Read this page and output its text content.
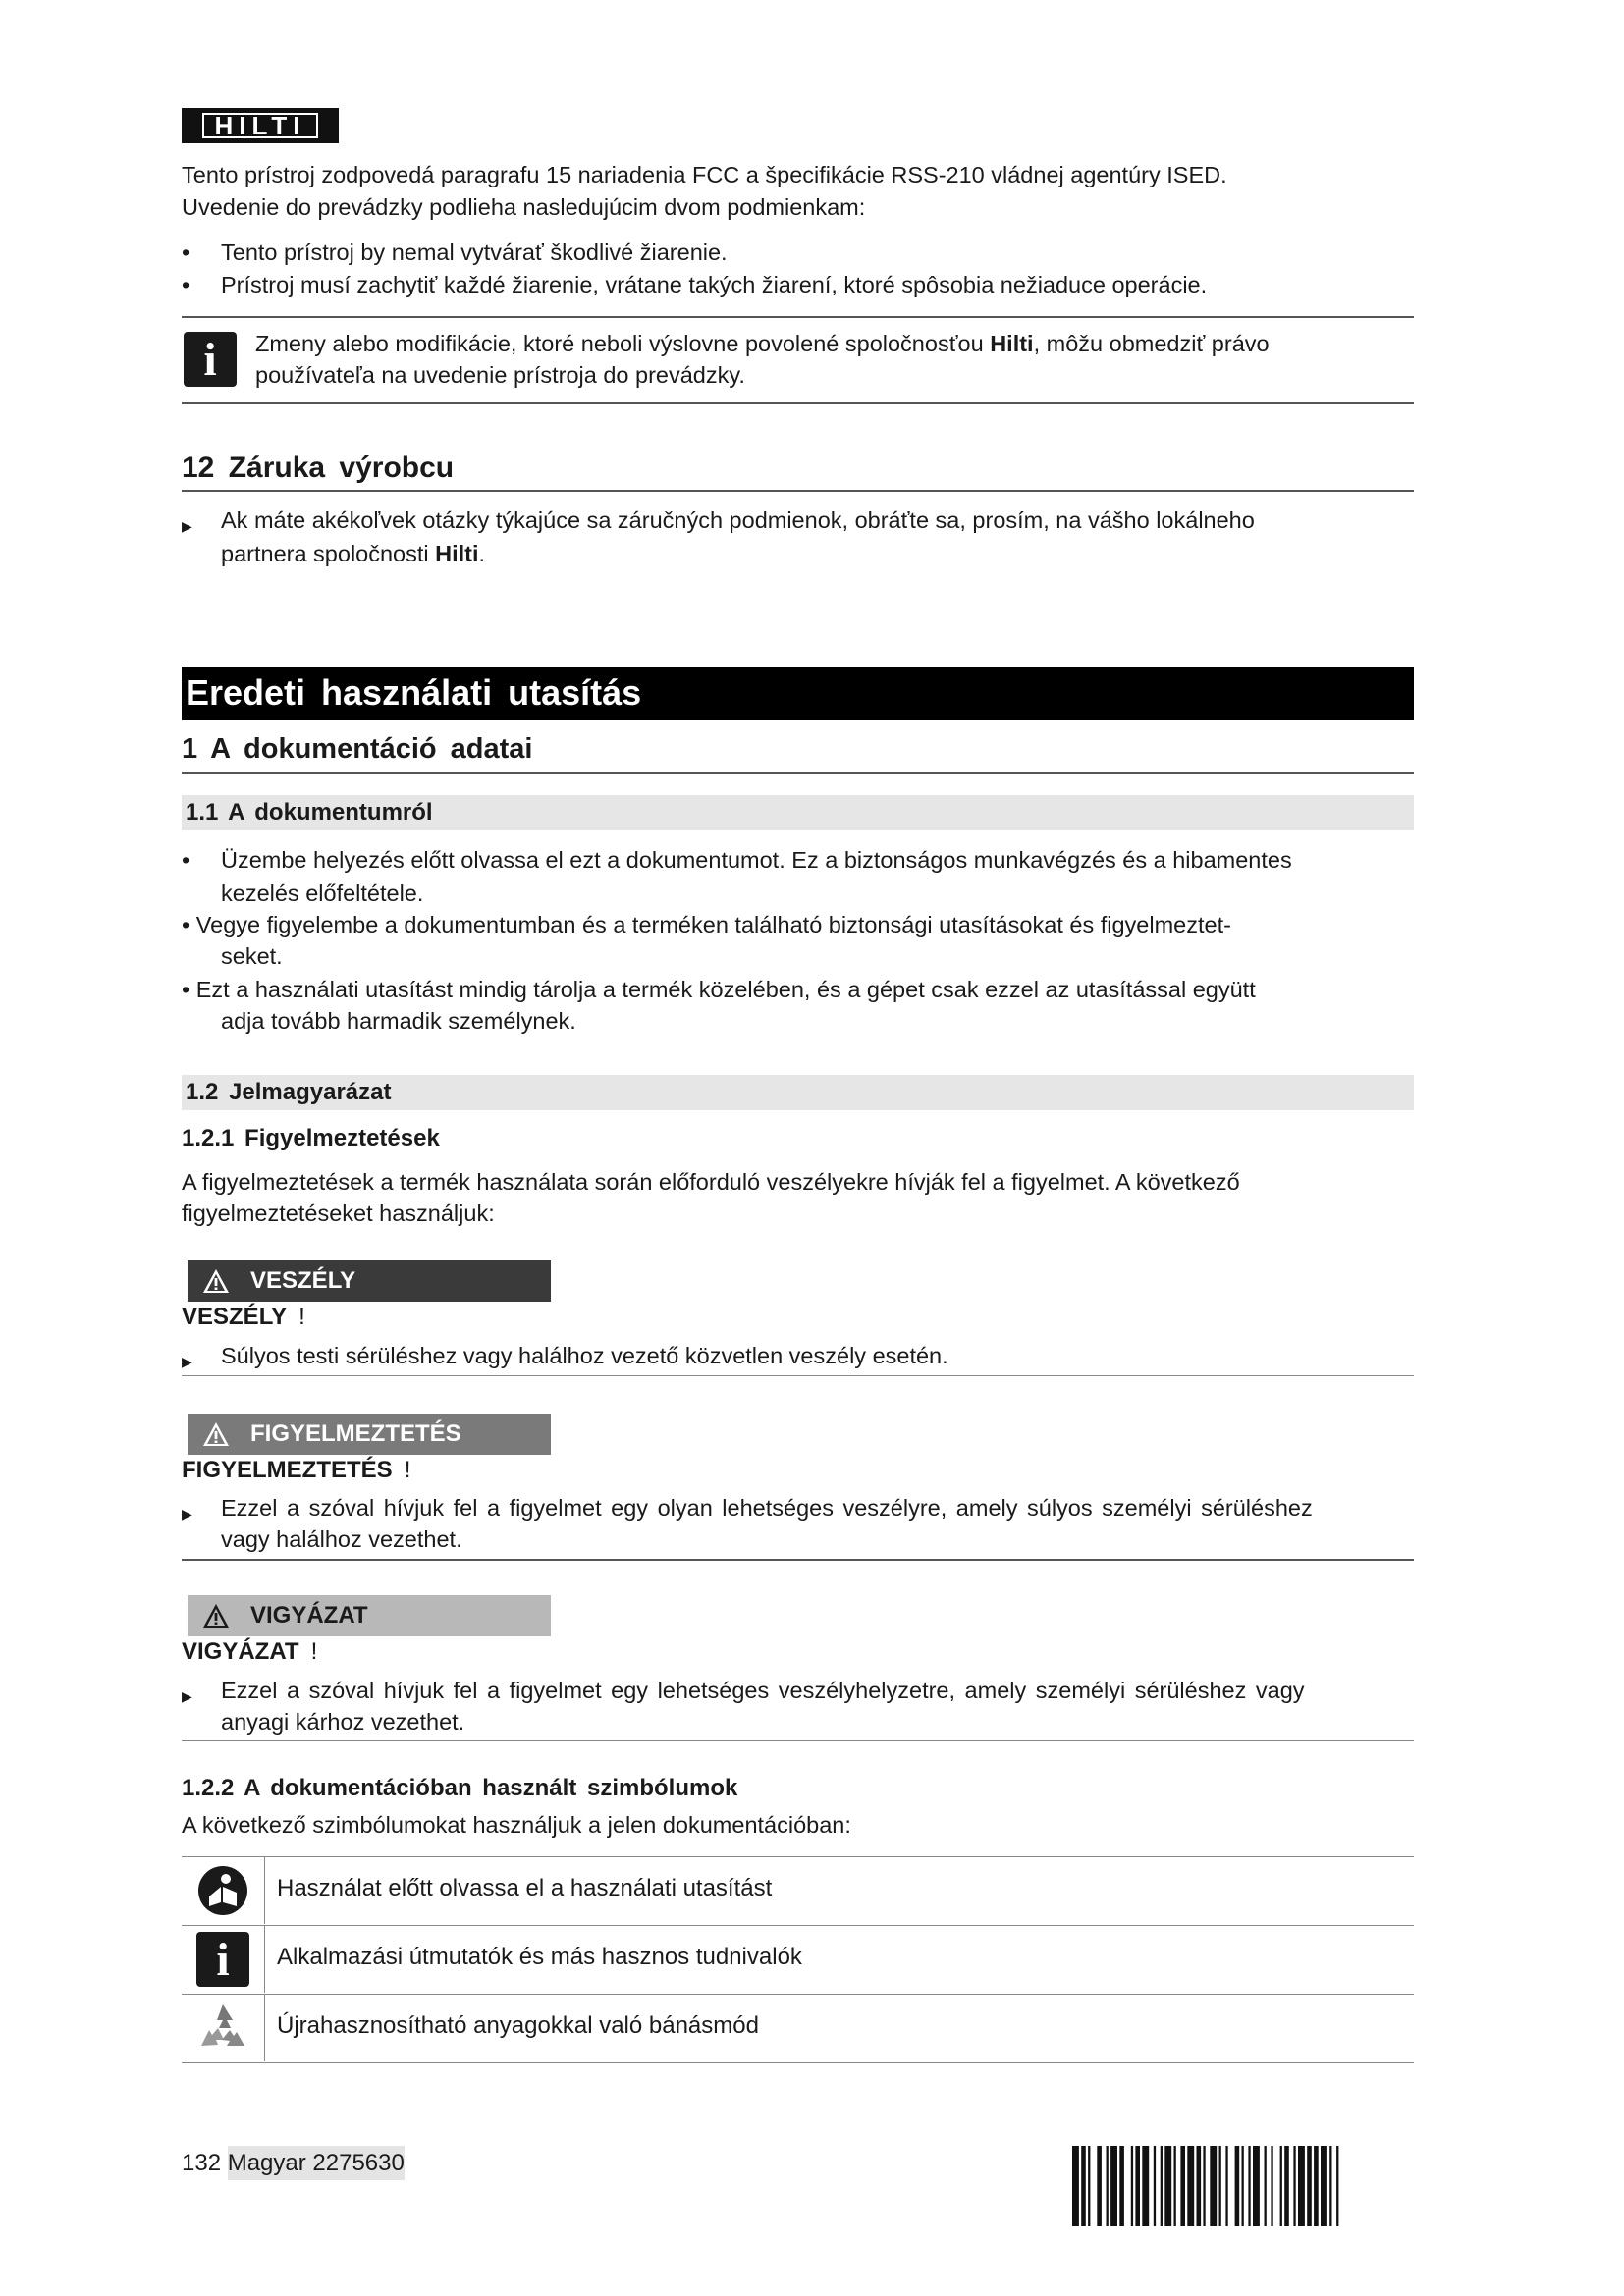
HILTI
Tento prístroj zodpovedá paragrafu 15 nariadenia FCC a špecifikácie RSS-210 vládnej agentúry ISED.
Uvedenie do prevádzky podlieha nasledujúcim dvom podmienkam:
• Tento prístroj by nemal vytvárať škodlivé žiarenie.
• Prístroj musí zachytiť každé žiarenie, vrátane takých žiarení, ktoré spôsobia nežiaduce operácie.
i	Zmeny alebo modifikácie, ktoré neboli výslovne povolené spoločnosťou Hilti, môžu obmedziť právo
používateľa na uvedenie prístroja do prevádzky.
12 Záruka výrobcu
▶ Ak máte akékoľvek otázky týkajúce sa záručných podmienok, obráťte sa, prosím, na vášho lokálneho
partnera spoločnosti Hilti.
Eredeti használati utasítás
1 A dokumentáció adatai
1.1 A dokumentumról
• Üzembe helyezés előtt olvassa el ezt a dokumentumot. Ez a biztonságos munkavégzés és a hibamentes
kezelés előfeltétele.
• Vegye figyelembe a dokumentumban és a terméken található biztonsági utasításokat és figyelmeztet-
seket.
• Ezt a használati utasítást mindig tárolja a termék közelében, és a gépet csak ezzel az utasítással együtt
adja tovább harmadik személynek.
1.2 Jelmagyarázat
1.2.1 Figyelmeztetések
A figyelmeztetések a termék használata során előforduló veszélyekre hívják fel a figyelmet. A következő
figyelmeztetéseket használjuk:
VESZÉLY
VESZÉLY !
▶ Súlyos testi sérüléshez vagy halálhoz vezető közvetlen veszély esetén.
FIGYELMEZTETÉS
FIGYELMEZTETÉS !
▶ Ezzel a szóval hívjuk fel a figyelmet egy olyan lehetséges veszélyre, amely súlyos személyi sérüléshez
vagy halálhoz vezethet.
VIGYÁZAT
VIGYÁZAT !
▶ Ezzel a szóval hívjuk fel a figyelmet egy lehetséges veszélyhelyzetre, amely személyi sérüléshez vagy
anyagi kárhoz vezethet.
1.2.2 A dokumentációban használt szimbólumok
A következő szimbólumokat használjuk a jelen dokumentációban:
Használat előtt olvassa el a használati utasítást
i	Alkalmazási útmutatók és más hasznos tudnivalók
Újrahasznosítható anyagokkal való bánásmód
132 Magyar 2275630
